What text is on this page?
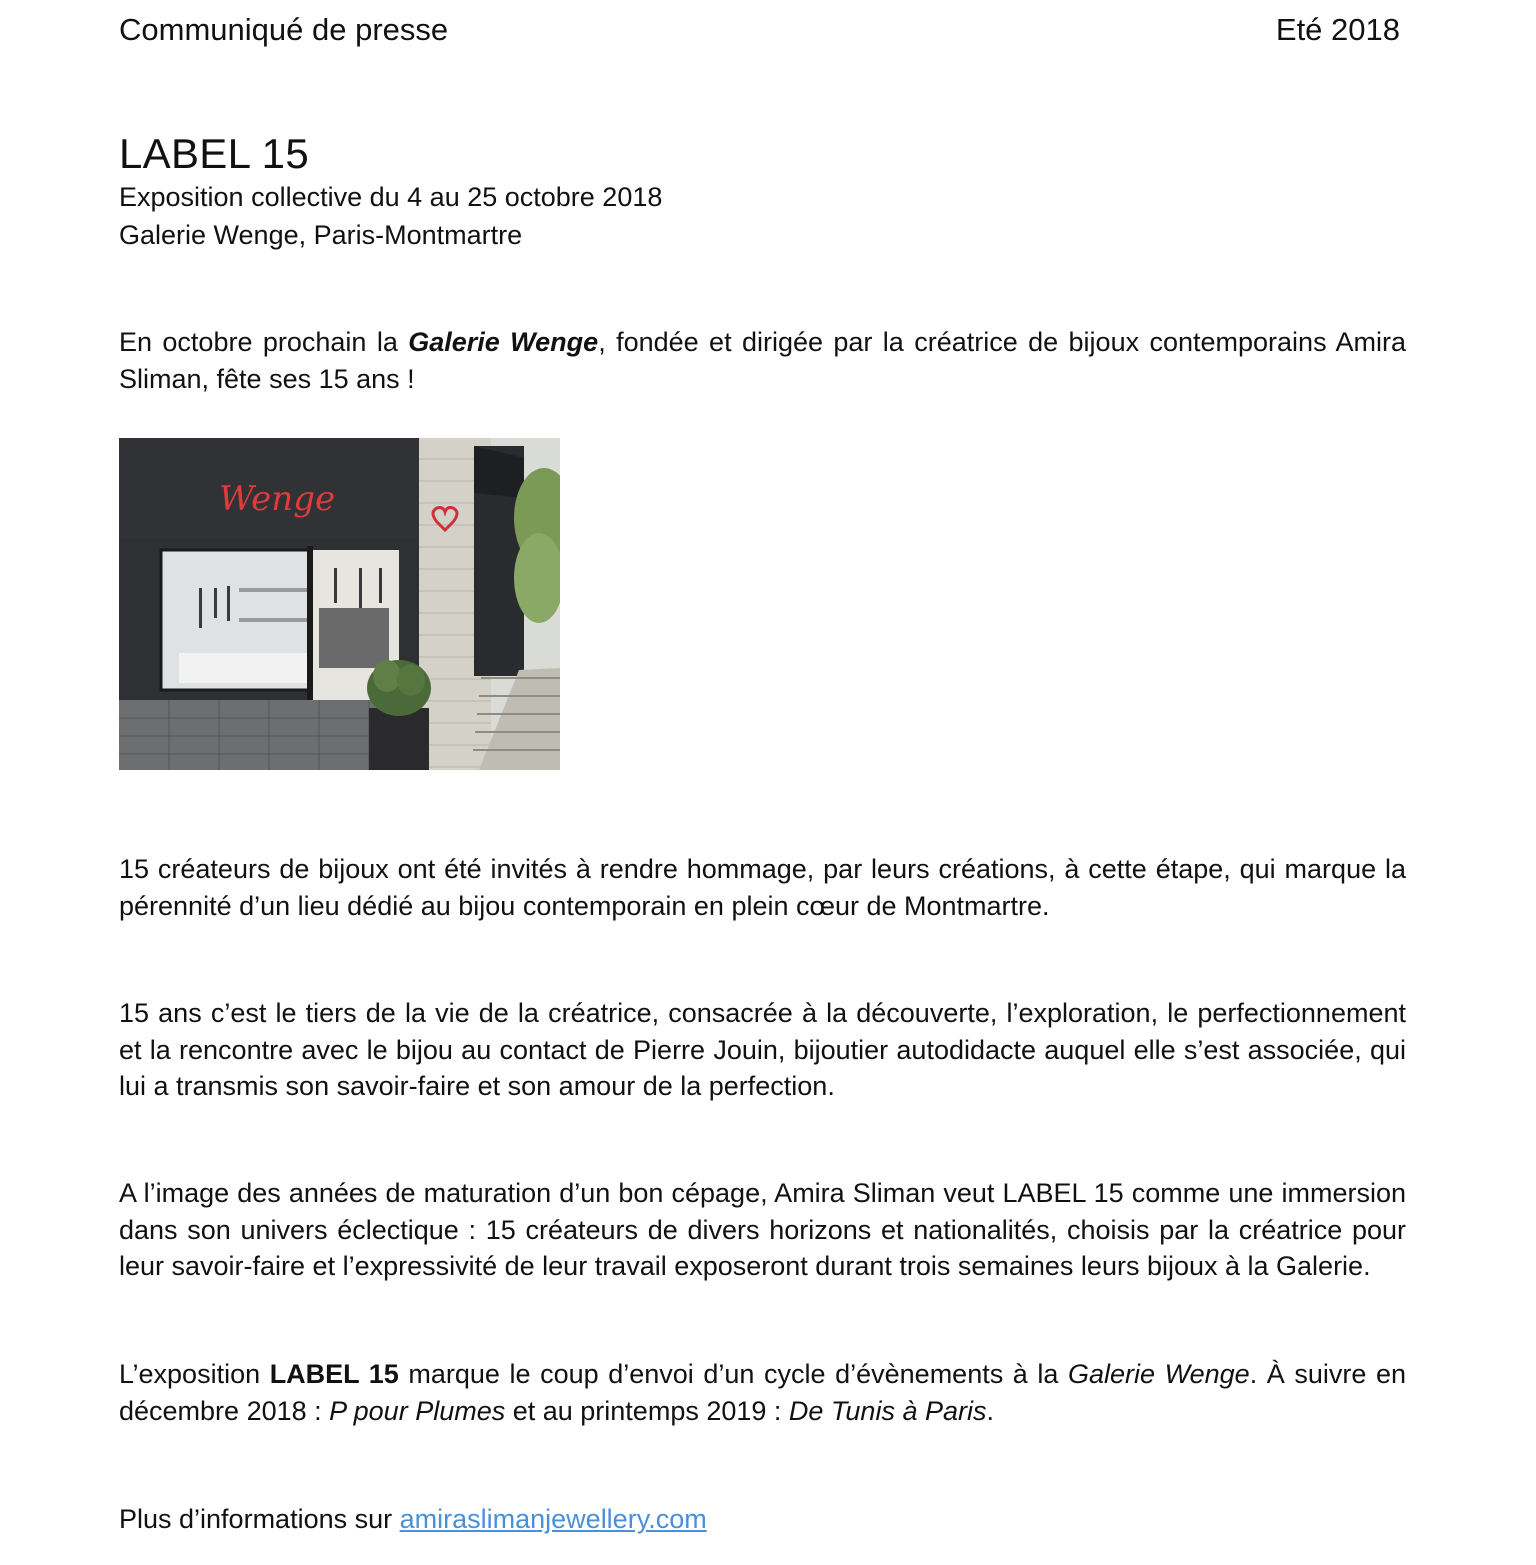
Communiqué de presse	Eté 2018
LABEL 15

Exposition collective du 4 au 25 octobre 2018

Galerie Wenge, Paris-Montmartre

En octobre prochain la Galerie Wenge, fondée et dirigée par la créatrice de bijoux contemporains Amira Sliman, fête ses 15 ans !

Wenge

15 créateurs de bijoux ont été invités à rendre hommage, par leurs créations, à cette étape, qui marque la pérennité d’un lieu dédié au bijou contemporain en plein cœur de Montmartre.

15 ans c’est le tiers de la vie de la créatrice, consacrée à la découverte, l’exploration, le perfectionnement et la rencontre avec le bijou au contact de Pierre Jouin, bijoutier autodidacte auquel elle s’est associée, qui lui a transmis son savoir-faire et son amour de la perfection.

A l’image des années de maturation d’un bon cépage, Amira Sliman veut LABEL 15 comme une immersion dans son univers éclectique : 15 créateurs de divers horizons et nationalités, choisis par la créatrice pour leur savoir-faire et l’expressivité de leur travail exposeront durant trois semaines leurs bijoux à la Galerie.

L’exposition LABEL 15 marque le coup d’envoi d’un cycle d’évènements à la Galerie Wenge. À suivre en décembre 2018 : P pour Plumes et au printemps 2019 : De Tunis à Paris.

Plus d’informations sur amiraslimanjewellery.com
